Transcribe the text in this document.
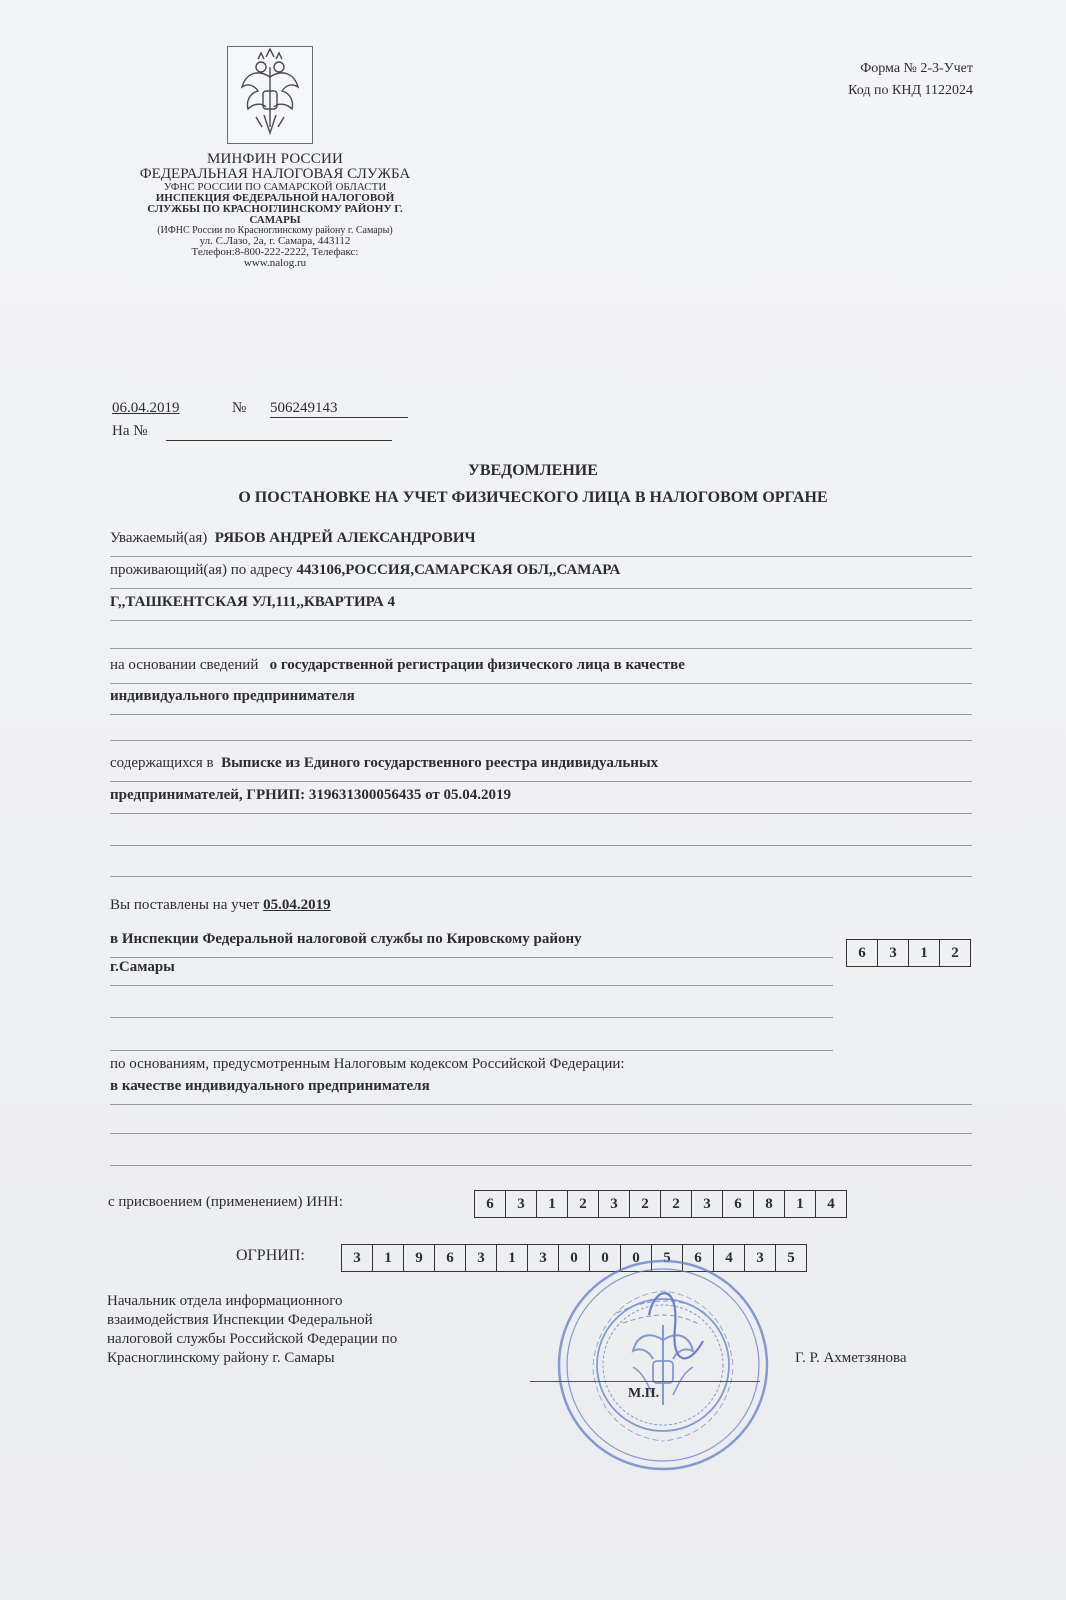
МИНФИН РОССИИ
ФЕДЕРАЛЬНАЯ НАЛОГОВАЯ СЛУЖБА
УФНС РОССИИ ПО САМАРСКОЙ ОБЛАСТИ
ИНСПЕКЦИЯ ФЕДЕРАЛЬНОЙ НАЛОГОВОЙ
СЛУЖБЫ ПО КРАСНОГЛИНСКОМУ РАЙОНУ Г.
САМАРЫ
(ИФНС России по Красноглинскому району г. Самары)
ул. С.Лазо, 2а, г. Самара, 443112
Телефон:8-800-222-2222, Телефакс:
www.nalog.ru
Форма № 2-3-Учет
Код по КНД 1122024
06.04.2019	№ 506249143
На №
УВЕДОМЛЕНИЕ
О ПОСТАНОВКЕ НА УЧЕТ ФИЗИЧЕСКОГО ЛИЦА В НАЛОГОВОМ ОРГАНЕ
Уважаемый(ая) РЯБОВ АНДРЕЙ АЛЕКСАНДРОВИЧ
проживающий(ая) по адресу 443106,РОССИЯ,САМАРСКАЯ ОБЛ,,САМАРА
Г,,ТАШКЕНТСКАЯ УЛ,111,,КВАРТИРА 4
на основании сведений о государственной регистрации физического лица в качестве
индивидуального предпринимателя
содержащихся в Выписке из Единого государственного реестра индивидуальных
предпринимателей, ГРНИП: 319631300056435 от 05.04.2019
Вы поставлены на учет 05.04.2019
в Инспекции Федеральной налоговой службы по Кировскому району
г.Самары
6	3	1	2
по основаниям, предусмотренным Налоговым кодексом Российской Федерации:
в качестве индивидуального предпринимателя
с присвоением (применением) ИНН:	6	3	1	2	3	2	2	3	6	8	1	4
ОГРНИП:	3	1	9	6	3	1	3	0	0	0	5	6	4	3	5
Начальник отдела информационного
взаимодействия Инспекции Федеральной
налоговой службы Российской Федерации по
Красноглинскому району г. Самары	Г. Р. Ахметзянова
М.П.
